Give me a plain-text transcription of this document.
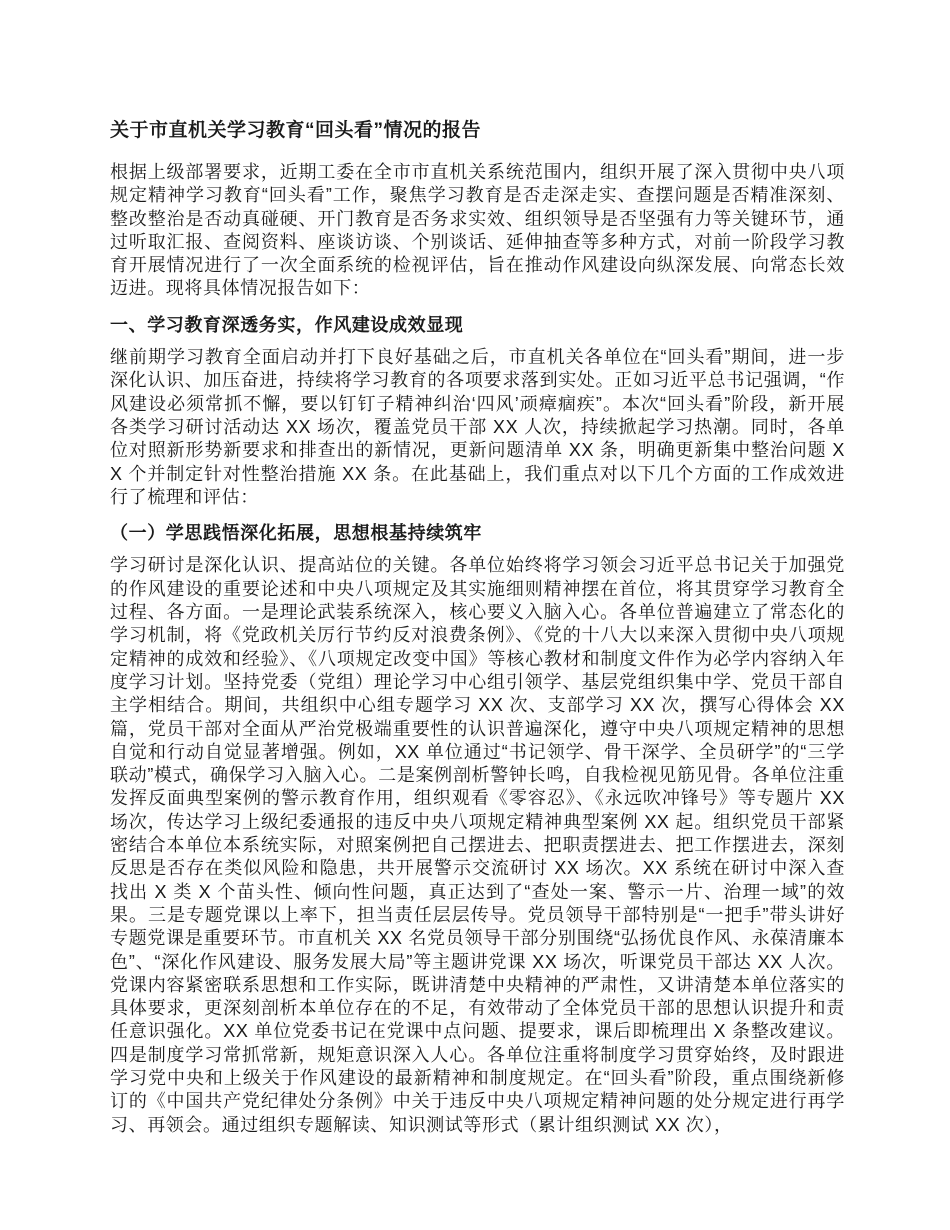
关于市直机关学习教育“回头看”情况的报告

根据上级部署要求，近期工委在全市市直机关系统范围内，组织开展了深入贯彻中央八项规定精神学习教育“回头看”工作，聚焦学习教育是否走深走实、查摆问题是否精准深刻、整改整治是否动真碰硬、开门教育是否务求实效、组织领导是否坚强有力等关键环节，通过听取汇报、查阅资料、座谈访谈、个别谈话、延伸抽查等多种方式，对前一阶段学习教育开展情况进行了一次全面系统的检视评估，旨在推动作风建设向纵深发展、向常态长效迈进。现将具体情况报告如下：

一、学习教育深透务实，作风建设成效显现

继前期学习教育全面启动并打下良好基础之后，市直机关各单位在“回头看”期间，进一步深化认识、加压奋进，持续将学习教育的各项要求落到实处。正如习近平总书记强调，“作风建设必须常抓不懈，要以钉钉子精神纠治‘四风’顽瘴痼疾”。本次“回头看”阶段，新开展各类学习研讨活动达 XX 场次，覆盖党员干部 XX 人次，持续掀起学习热潮。同时，各单位对照新形势新要求和排查出的新情况，更新问题清单 XX 条，明确更新集中整治问题 XX 个并制定针对性整治措施 XX 条。在此基础上，我们重点对以下几个方面的工作成效进行了梳理和评估：

（一）学思践悟深化拓展，思想根基持续筑牢

学习研讨是深化认识、提高站位的关键。各单位始终将学习领会习近平总书记关于加强党的作风建设的重要论述和中央八项规定及其实施细则精神摆在首位，将其贯穿学习教育全过程、各方面。一是理论武装系统深入，核心要义入脑入心。各单位普遍建立了常态化的学习机制，将《党政机关厉行节约反对浪费条例》、《党的十八大以来深入贯彻中央八项规定精神的成效和经验》、《八项规定改变中国》等核心教材和制度文件作为必学内容纳入年度学习计划。坚持党委（党组）理论学习中心组引领学、基层党组织集中学、党员干部自主学相结合。期间，共组织中心组专题学习 XX 次、支部学习 XX 次，撰写心得体会 XX 篇，党员干部对全面从严治党极端重要性的认识普遍深化，遵守中央八项规定精神的思想自觉和行动自觉显著增强。例如，XX 单位通过“书记领学、骨干深学、全员研学”的“三学联动”模式，确保学习入脑入心。二是案例剖析警钟长鸣，自我检视见筋见骨。各单位注重发挥反面典型案例的警示教育作用，组织观看《零容忍》、《永远吹冲锋号》等专题片 XX 场次，传达学习上级纪委通报的违反中央八项规定精神典型案例 XX 起。组织党员干部紧密结合本单位本系统实际，对照案例把自己摆进去、把职责摆进去、把工作摆进去，深刻反思是否存在类似风险和隐患，共开展警示交流研讨 XX 场次。XX 系统在研讨中深入查找出 X 类 X 个苗头性、倾向性问题，真正达到了“查处一案、警示一片、治理一域”的效果。三是专题党课以上率下，担当责任层层传导。党员领导干部特别是“一把手”带头讲好专题党课是重要环节。市直机关 XX 名党员领导干部分别围绕“弘扬优良作风、永葆清廉本色”、“深化作风建设、服务发展大局”等主题讲党课 XX 场次，听课党员干部达 XX 人次。党课内容紧密联系思想和工作实际，既讲清楚中央精神的严肃性，又讲清楚本单位落实的具体要求，更深刻剖析本单位存在的不足，有效带动了全体党员干部的思想认识提升和责任意识强化。XX 单位党委书记在党课中点问题、提要求，课后即梳理出 X 条整改建议。四是制度学习常抓常新，规矩意识深入人心。各单位注重将制度学习贯穿始终，及时跟进学习党中央和上级关于作风建设的最新精神和制度规定。在“回头看”阶段，重点围绕新修订的《中国共产党纪律处分条例》中关于违反中央八项规定精神问题的处分规定进行再学习、再领会。通过组织专题解读、知识测试等形式（累计组织测试 XX 次），
